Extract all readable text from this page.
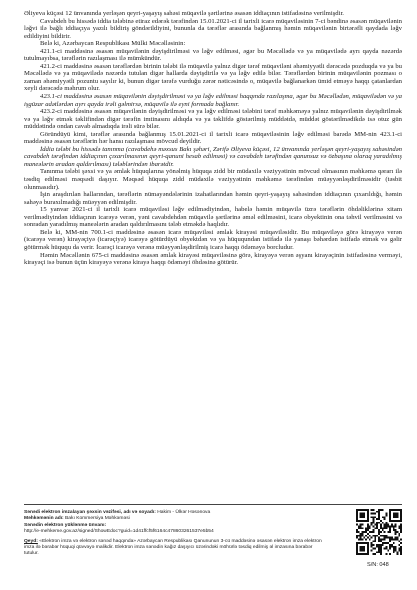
Əliyeva küçəsi 12 ünvanında yerləşən qeyri-yaşayış sahəsi müqavilə şərtlərinə əsasən iddiaçının istifadəsinə verilmişdir.

Cavabdeh bu hissədə iddia tələbinə etiraz edərək tərəfindən 15.01.2021-ci il tarixli icarə müqaviləsinin 7-ci bəndinə əsasən müqavilənin ləğvi ilə bağlı iddiaçıya yazılı bildiriş göndərildiyini, bununla da tərəflər arasında bağlanmış həmin müqavilənin birtərəfli qaydada ləğv edildiyini bildirir.

Belə ki, Azərbaycan Respublikası Mülki Məcəlləsinin:

421.1-ci maddəsinə əsasən müqavilənin dəyişdirilməsi və ləğv edilməsi, əgər bu Məcəllədə və ya müqavilədə ayrı qayda nəzərdə tutulmayıbsa, tərəflərin razılaşması ilə mümkündür.

421.2-ci maddəsinə əsasən tərəflərdən birinin tələbi ilə müqavilə yalnız digər tərəf müqaviləni əhəmiyyətli dərəcədə pozduqda və ya bu Məcəllədə və ya müqavilədə nəzərdə tutulan digər hallarda dəyişdirilə və ya ləğv edilə bilər. Tərəflərdən birinin müqavilənin pozması o zaman əhəmiyyətli pozuntu sayılır ki, bunun digər tərəfə vurduğu zərər nəticəsində o, müqavilə bağlanarkən ümid etməyə haqqı çatanlardan xeyli dərəcədə məhrum olur.

423.1-ci maddəsinə əsasən müqavilənin dəyişdirilməsi və ya ləğv edilməsi haqqında razılaşma, əgər bu Məcəllədən, müqavilədən və ya işgüzar adətlərdən ayrı qayda irəli gəlmirsə, müqavilə ilə eyni formada bağlanır.

423.2-ci maddəsinə əsasən müqavilənin dəyişdirilməsi və ya ləğv edilməsi tələbini tərəf məhkəməyə yalnız müqavilənin dəyişdirilmək və ya ləğv etmək təklifindən digər tərəfin imtinasını aldıqda və ya təklifdə göstərilmiş müddətdə, müddət göstərilmədikdə isə otuz gün müddətində ondan cavab almadıqda irəli sürə bilər.

Göründüyü kimi, tərəflər arasında bağlanmış 15.01.2021-ci il tarixli icarə müqaviləsinin ləğv edilməsi barədə MM-nin 423.1-ci maddəsinə əsasən tərəflərin hər hansı razılaşması mövcud deyildir.

İddia tələbi bu hissədə tanınma (cavabdehə məxsus Bakı şəhəri, Zərifə Əliyeva küçəsi, 12 ünvanında yerləşən qeyri-yaşayış sahəsindən cavabdeh tərəfindən iddiaçının çıxarılmasının qeyri-qanuni hesab edilməsi) və cavabdeh tərəfindən qanunsuz və özbaşına olaraq yaradılmış maneələrin aradan qaldırılması) tələblərindən ibarətdir.

Tanınma tələbi şəxsi və ya əmlak hüquqlarına yönəlmiş hüquqa zidd bir müdaxilə vəziyyətinin mövcud olmasının məhkəmə qərarı ilə təsdiq edilməsi məqsədi daşıyır. Məqsəd hüquqa zidd müdaxilə vəziyyətinin məhkəmə tərəfindən müəyyənləşdirilməsidir (təsbit olunmasıdır).

İşin araşdırılan hallarından, tərəflərin nümayəndələrinin izahatlarından həmin qeyri-yaşayış sahəsindən iddiaçının çıxarıldığı, həmin sahəyə buraxılmadığı müəyyən edilmişdir.

15 yanvar 2021-ci il tarixli icarə müqaviləsi ləğv edilmədiyindən, habelə həmin müqavilə üzrə tərəflərin öhdəliklərinə xitam verilmədiyindən iddiaçının icarəyə verən, yəni cavabdehdən müqavilə şərtlərinə əməl edilməsini, icarə obyektinin ona təhvil verilməsini və sonradan yaradılmış maneələrin aradan qaldırılmasını tələb etməkdə haqlıdır.

Belə ki, MM-nin 700.1-ci maddəsinə əsasən icarə müqaviləsi əmlak kirayəsi müqaviləsidir. Bu müqaviləyə görə kirayəyə verən (icarəyə verən) kirayəçiyə (icarəçiyə) icarəyə götürdüyü obyektdən və ya hüququndan istifadə ilə yanaşı bəhərdən istifadə etmək və gəlir götürmək hüququ da verir. İcarəçi icarəyə verənə müəyyənləşdirilmiş icarə haqqı ödəməyə borcludur.

Həmin Məcəllənin 675-ci maddəsinə əsasən əmlak kirayəsi müqaviləsinə görə, kirayəyə verən əşyanı kirayəçinin istifadəsinə verməyi, kirayəçi isə bunun üçün kirayəyə verənə kirayə haqqı ödəməyi öhdəsinə götürür.

Sənədi elektron imzalayan şəxsin vəzifəsi, adı və soyadı: Hakim - Ülkər Həsənova
Məhkəmənin adı: Bakı Kommersiya Məhkəməsi
Sənədin elektron yüklənmə ünvanı:
http://e-mehkeme.gov.az/signed/ShowEdoc?guid=1d41ffcf5f6164c478603261537e5b54
Qeyd: «Elektron imza və elektron sənəd haqqında» Azərbaycan Respublikası Qanununun 3-cü maddəsinə əsasən elektron imza elektron imza ilə bərabər hüquqi qüvvəyə malikdir. Elektron imza sənədin kağız daşıyıcı üzərindəki möhürlə təsdiq edilmiş əl imzasına bərabər tutulur.
S/N: 048
